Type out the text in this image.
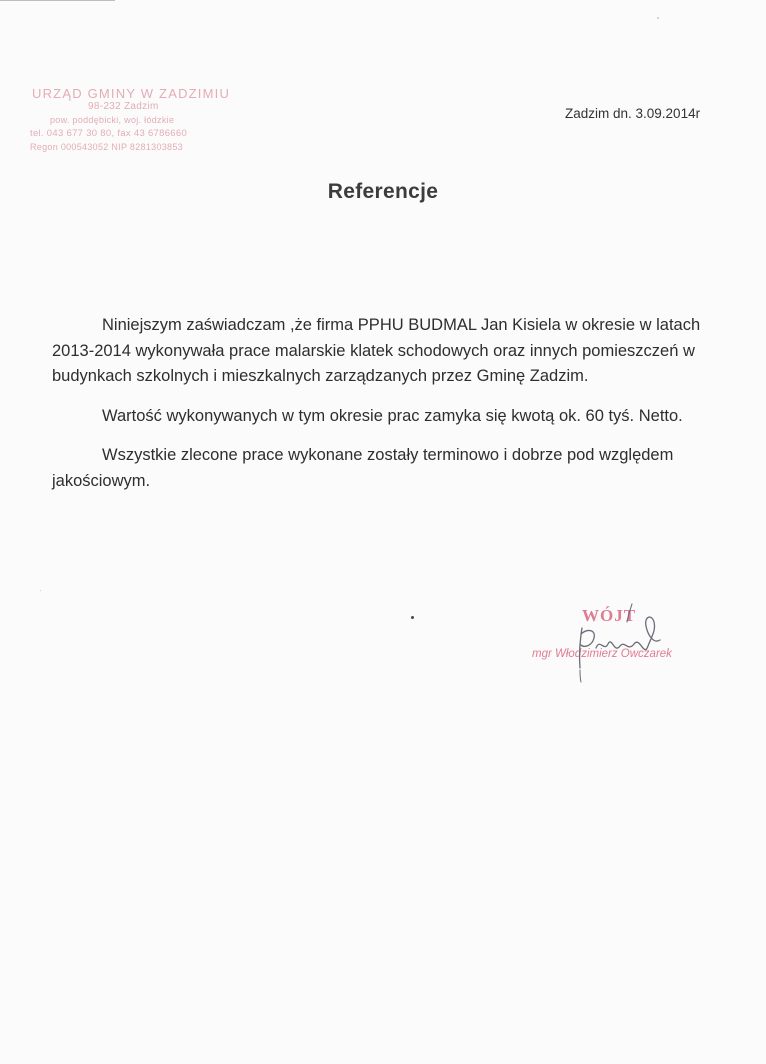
URZĄD GMINY W ZADZIMIU
98-232 Zadzim
pow. poddębicki, woj. łódzkie
tel. 043 677 30 80, fax 43 6786660
Regon 000543052 NIP 8281303853
Zadzim dn. 3.09.2014r
Referencje

Niniejszym zaświadczam ,że firma PPHU BUDMAL Jan Kisiela w okresie w latach 2013-2014 wykonywała prace malarskie klatek schodowych oraz innych pomieszczeń w budynkach szkolnych i mieszkalnych zarządzanych przez Gminę Zadzim.

Wartość wykonywanych w tym okresie prac zamyka się kwotą ok. 60 tyś. Netto.

Wszystkie zlecone prace wykonane zostały terminowo i dobrze pod względem jakościowym.

WÓJT
mgr Włodzimierz Owczarek
